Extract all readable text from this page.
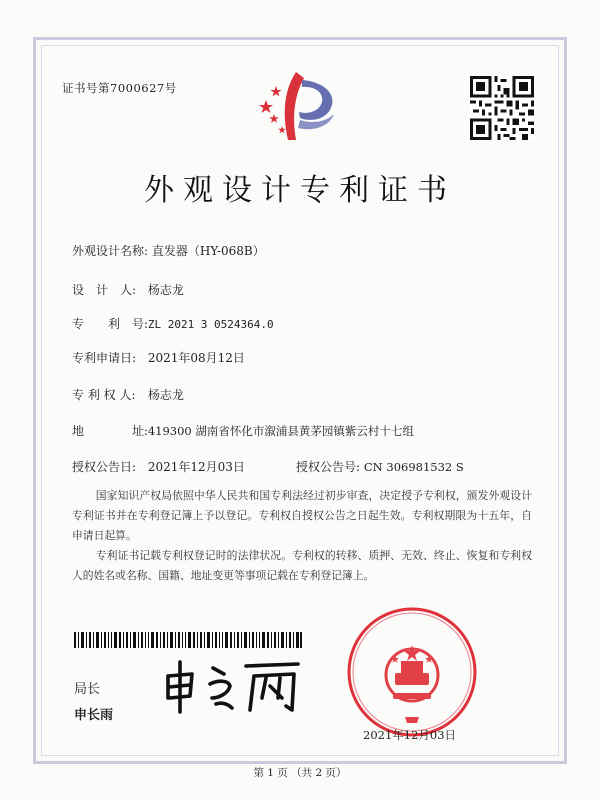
证书号第7000627号
外观设计专利证书
外观设计名称: 直发器（HY-068B）
设　计　人: 杨志龙
专　　利　号: ZL 2021 3 0524364.0
专利申请日: 2021年08月12日
专 利 权 人: 杨志龙
地　　　　址: 419300 湖南省怀化市溆浦县黄茅园镇紫云村十七组
授权公告日: 2021年12月03日	授权公告号: CN 306981532 S
国家知识产权局依照中华人民共和国专利法经过初步审查，决定授予专利权，颁发外观设计专利证书并在专利登记簿上予以登记。专利权自授权公告之日起生效。专利权期限为十五年，自申请日起算。
专利证书记载专利权登记时的法律状况。专利权的转移、质押、无效、终止、恢复和专利权人的姓名或名称、国籍、地址变更等事项记载在专利登记簿上。
局长
申长雨
2021年12月03日
第 1 页 （共 2 页）
